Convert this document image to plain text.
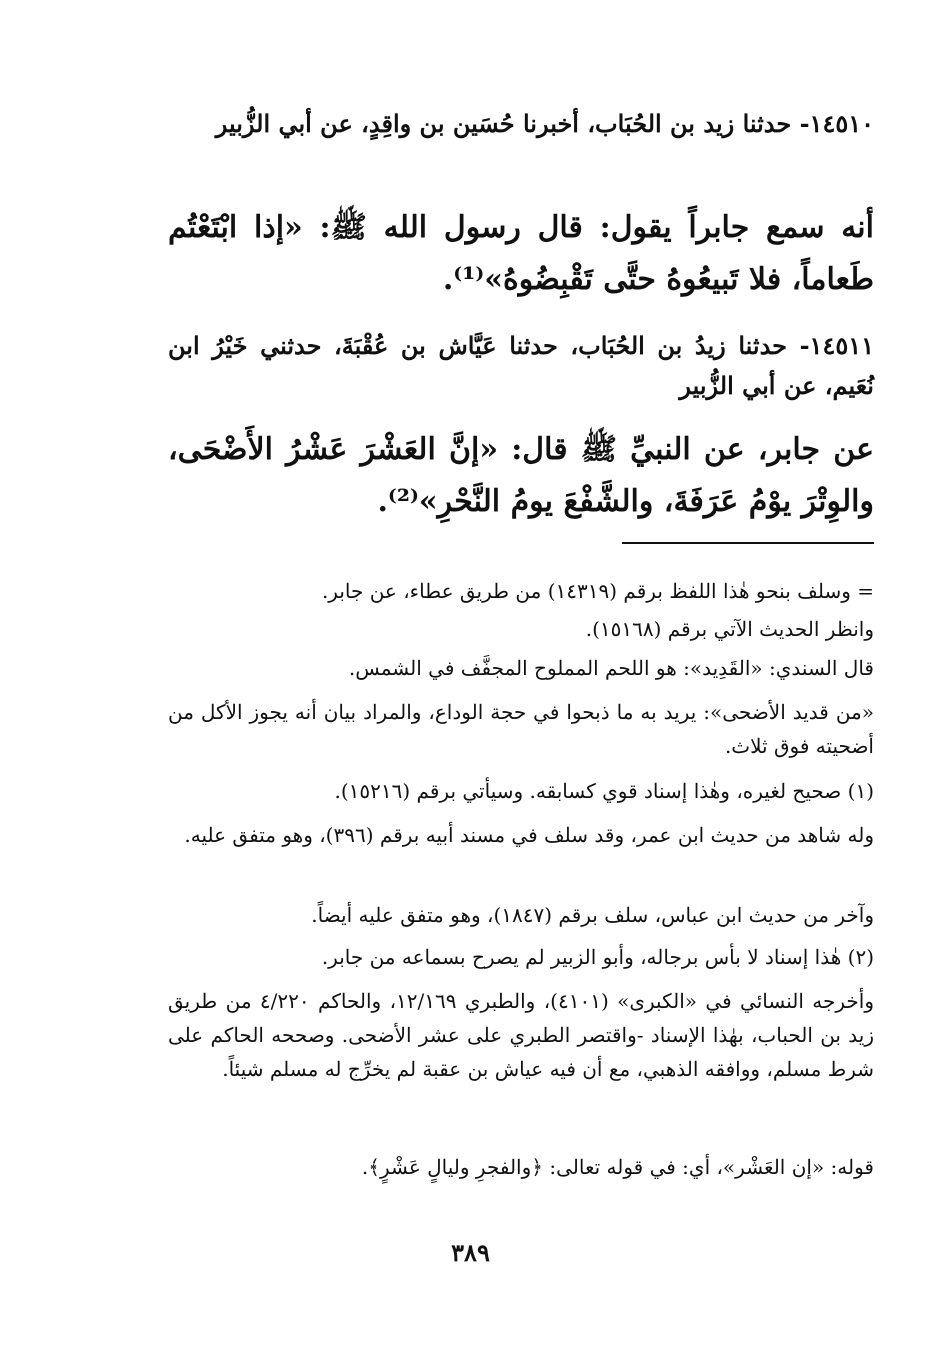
١٤٥١٠- حدثنا زيد بن الحُبَاب، أخبرنا حُسَين بن واقِدٍ، عن أبي الزُّبير
أنه سمع جابراً يقول: قال رسول الله ﷺ: «إذا ابْتَعْتُم طَعاماً، فلا تَبيعُوهُ حتَّى تَقْبِضُوهُ»⁽¹⁾.
١٤٥١١- حدثنا زيدُ بن الحُبَاب، حدثنا عَيَّاش بن عُقْبَةَ، حدثني خَيْرُ ابن نُعَيم، عن أبي الزُّبير
عن جابر، عن النبيِّ ﷺ قال: «إنَّ العَشْرَ عَشْرُ الأَضْحَى، والوِتْرَ يوْمُ عَرَفَةَ، والشَّفْعَ يومُ النَّحْرِ»⁽²⁾.
= وسلف بنحو هٰذا اللفظ برقم (١٤٣١٩) من طريق عطاء، عن جابر.
وانظر الحديث الآتي برقم (١٥١٦٨).
قال السندي: «القَدِيد»: هو اللحم المملوح المجفَّف في الشمس.
«من قديد الأضحى»: يريد به ما ذبحوا في حجة الوداع، والمراد بيان أنه يجوز الأكل من أضحيته فوق ثلاث.
(١) صحيح لغيره، وهٰذا إسناد قوي كسابقه. وسيأتي برقم (١٥٢١٦).
وله شاهد من حديث ابن عمر، وقد سلف في مسند أبيه برقم (٣٩٦)، وهو متفق عليه.
وآخر من حديث ابن عباس، سلف برقم (١٨٤٧)، وهو متفق عليه أيضاً.
(٢) هٰذا إسناد لا بأس برجاله، وأبو الزبير لم يصرح بسماعه من جابر.
وأخرجه النسائي في «الكبرى» (٤١٠١)، والطبري ١٢/١٦٩، والحاكم ٤/٢٢٠ من طريق زيد بن الحباب، بهٰذا الإسناد -واقتصر الطبري على عشر الأضحى. وصححه الحاكم على شرط مسلم، ووافقه الذهبي، مع أن فيه عياش بن عقبة لم يخرِّج له مسلم شيئاً.
قوله: «إن العَشْر»، أي: في قوله تعالى: ﴿والفجرِ وليالٍ عَشْرٍ﴾.
٣٨٩
